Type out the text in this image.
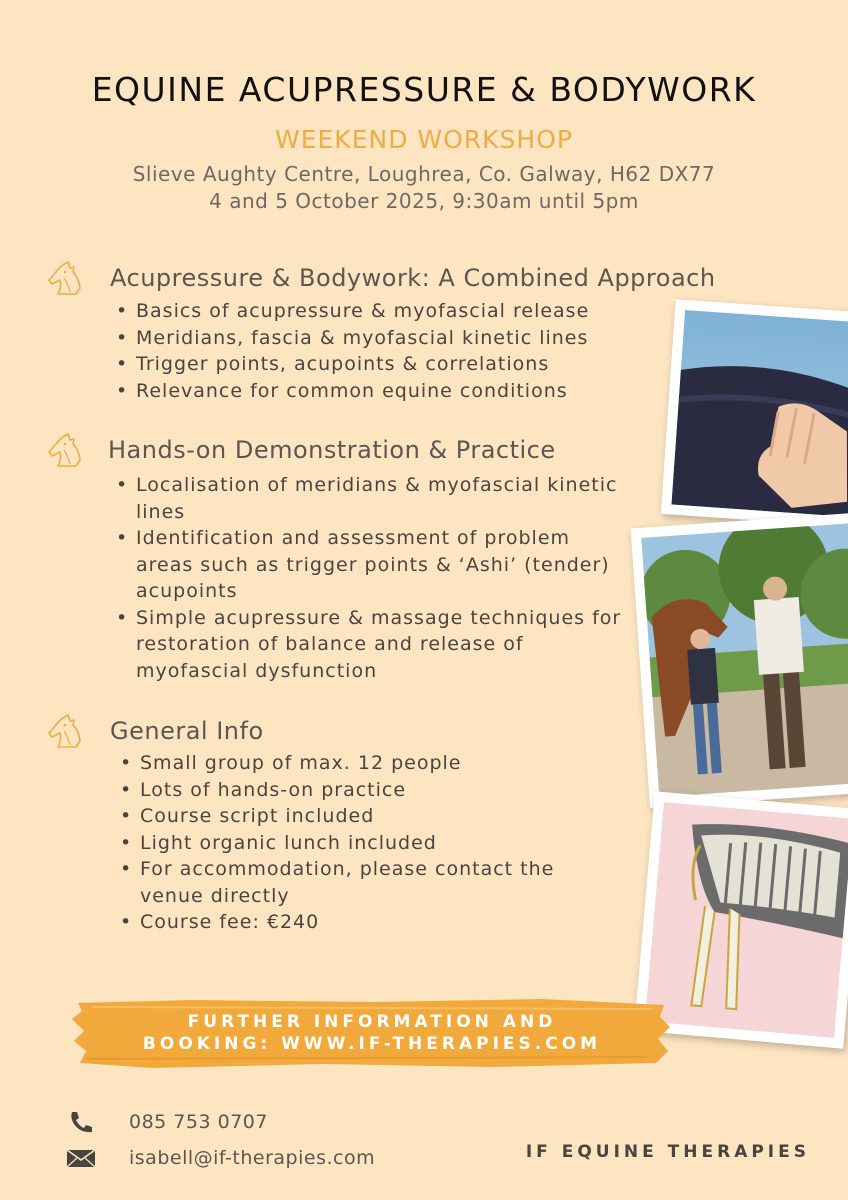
EQUINE ACUPRESSURE & BODYWORK
WEEKEND WORKSHOP
Slieve Aughty Centre, Loughrea, Co. Galway, H62 DX77
4 and 5 October 2025, 9:30am until 5pm
Acupressure & Bodywork: A Combined Approach
• Basics of acupressure & myofascial release
• Meridians, fascia & myofascial kinetic lines
• Trigger points, acupoints & correlations
• Relevance for common equine conditions
Hands-on Demonstration & Practice
• Localisation of meridians & myofascial kinetic lines
• Identification and assessment of problem areas such as trigger points & ‘Ashi’ (tender) acupoints
• Simple acupressure & massage techniques for restoration of balance and release of myofascial dysfunction
General Info
• Small group of max. 12 people
• Lots of hands-on practice
• Course script included
• Light organic lunch included
• For accommodation, please contact the venue directly
• Course fee: €240
FURTHER INFORMATION AND
BOOKING: WWW.IF-THERAPIES.COM
085 753 0707
isabell@if-therapies.com	IF EQUINE THERAPIES
